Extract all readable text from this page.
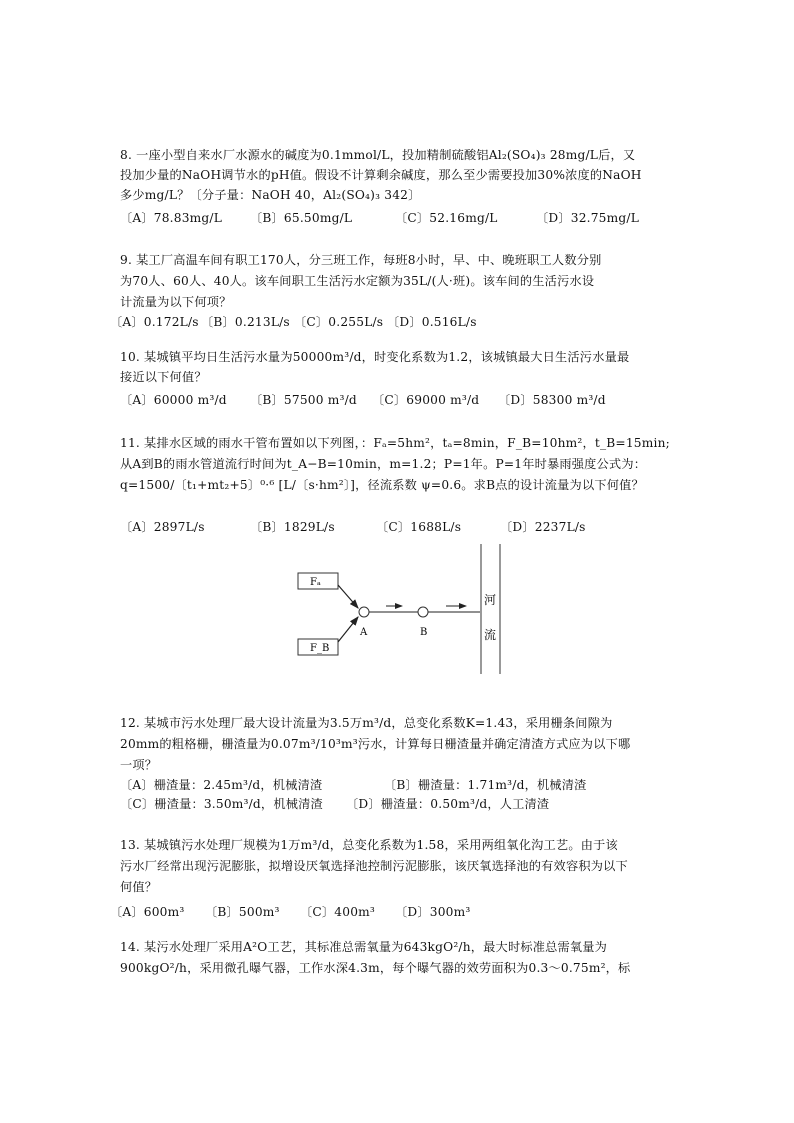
8. 一座小型自来水厂水源水的碱度为0.1mmol/L，投加精制硫酸铝Al₂(SO₄)₃ 28mg/L后，又
投加少量的NaOH调节水的pH值。假设不计算剩余碱度，那么至少需要投加30%浓度的NaOH
多少mg/L？〔分子量：NaOH 40，Al₂(SO₄)₃ 342〕
〔A〕78.83mg/L 〔B〕65.50mg/L	〔C〕52.16mg/L	〔D〕32.75mg/L
9. 某工厂高温车间有职工170人，分三班工作，每班8小时，早、中、晚班职工人数分别
为70人、60人、40人。该车间职工生活污水定额为35L/(人·班)。该车间的生活污水设
计流量为以下何项？
〔A〕0.172L/s 〔B〕0.213L/s 〔C〕0.255L/s 〔D〕0.516L/s
10. 某城镇平均日生活污水量为50000m³/d，时变化系数为1.2，该城镇最大日生活污水量最
接近以下何值？
〔A〕60000 m³/d 〔B〕57500 m³/d 〔C〕69000 m³/d 〔D〕58300 m³/d
11. 某排水区域的雨水干管布置如以下列图，：Fₐ=5hm²，tₐ=8min，F_B=10hm²，t_B=15min;
从A到B的雨水管道流行时间为t_A−B=10min，m=1.2；P=1年。P=1年时暴雨强度公式为：
q=1500/〔t₁+mt₂+5〕⁰·⁶ [L/〔s·hm²〕]，径流系数 ψ=0.6。求B点的设计流量为以下何值？
〔A〕2897L/s	〔B〕1829L/s	〔C〕1688L/s	〔D〕2237L/s
Fₐ
F_B
A	B
河
流
12. 某城市污水处理厂最大设计流量为3.5万m³/d，总变化系数K=1.43，采用栅条间隙为
20mm的粗格栅，栅渣量为0.07m³/10³m³污水，计算每日栅渣量并确定清渣方式应为以下哪
一项？
〔A〕栅渣量：2.45m³/d，机械清渣	〔B〕栅渣量：1.71m³/d，机械清渣
〔C〕栅渣量：3.50m³/d，机械清渣 〔D〕栅渣量：0.50m³/d，人工清渣
13. 某城镇污水处理厂规模为1万m³/d，总变化系数为1.58，采用两组氧化沟工艺。由于该
污水厂经常出现污泥膨胀，拟增设厌氧选择池控制污泥膨胀，该厌氧选择池的有效容积为以下
何值？
〔A〕600m³ 〔B〕500m³ 〔C〕400m³ 〔D〕300m³
14. 某污水处理厂采用A²O工艺，其标准总需氧量为643kgO²/h，最大时标准总需氧量为
900kgO²/h，采用微孔曝气器，工作水深4.3m，每个曝气器的效劳面积为0.3～0.75m²，标
